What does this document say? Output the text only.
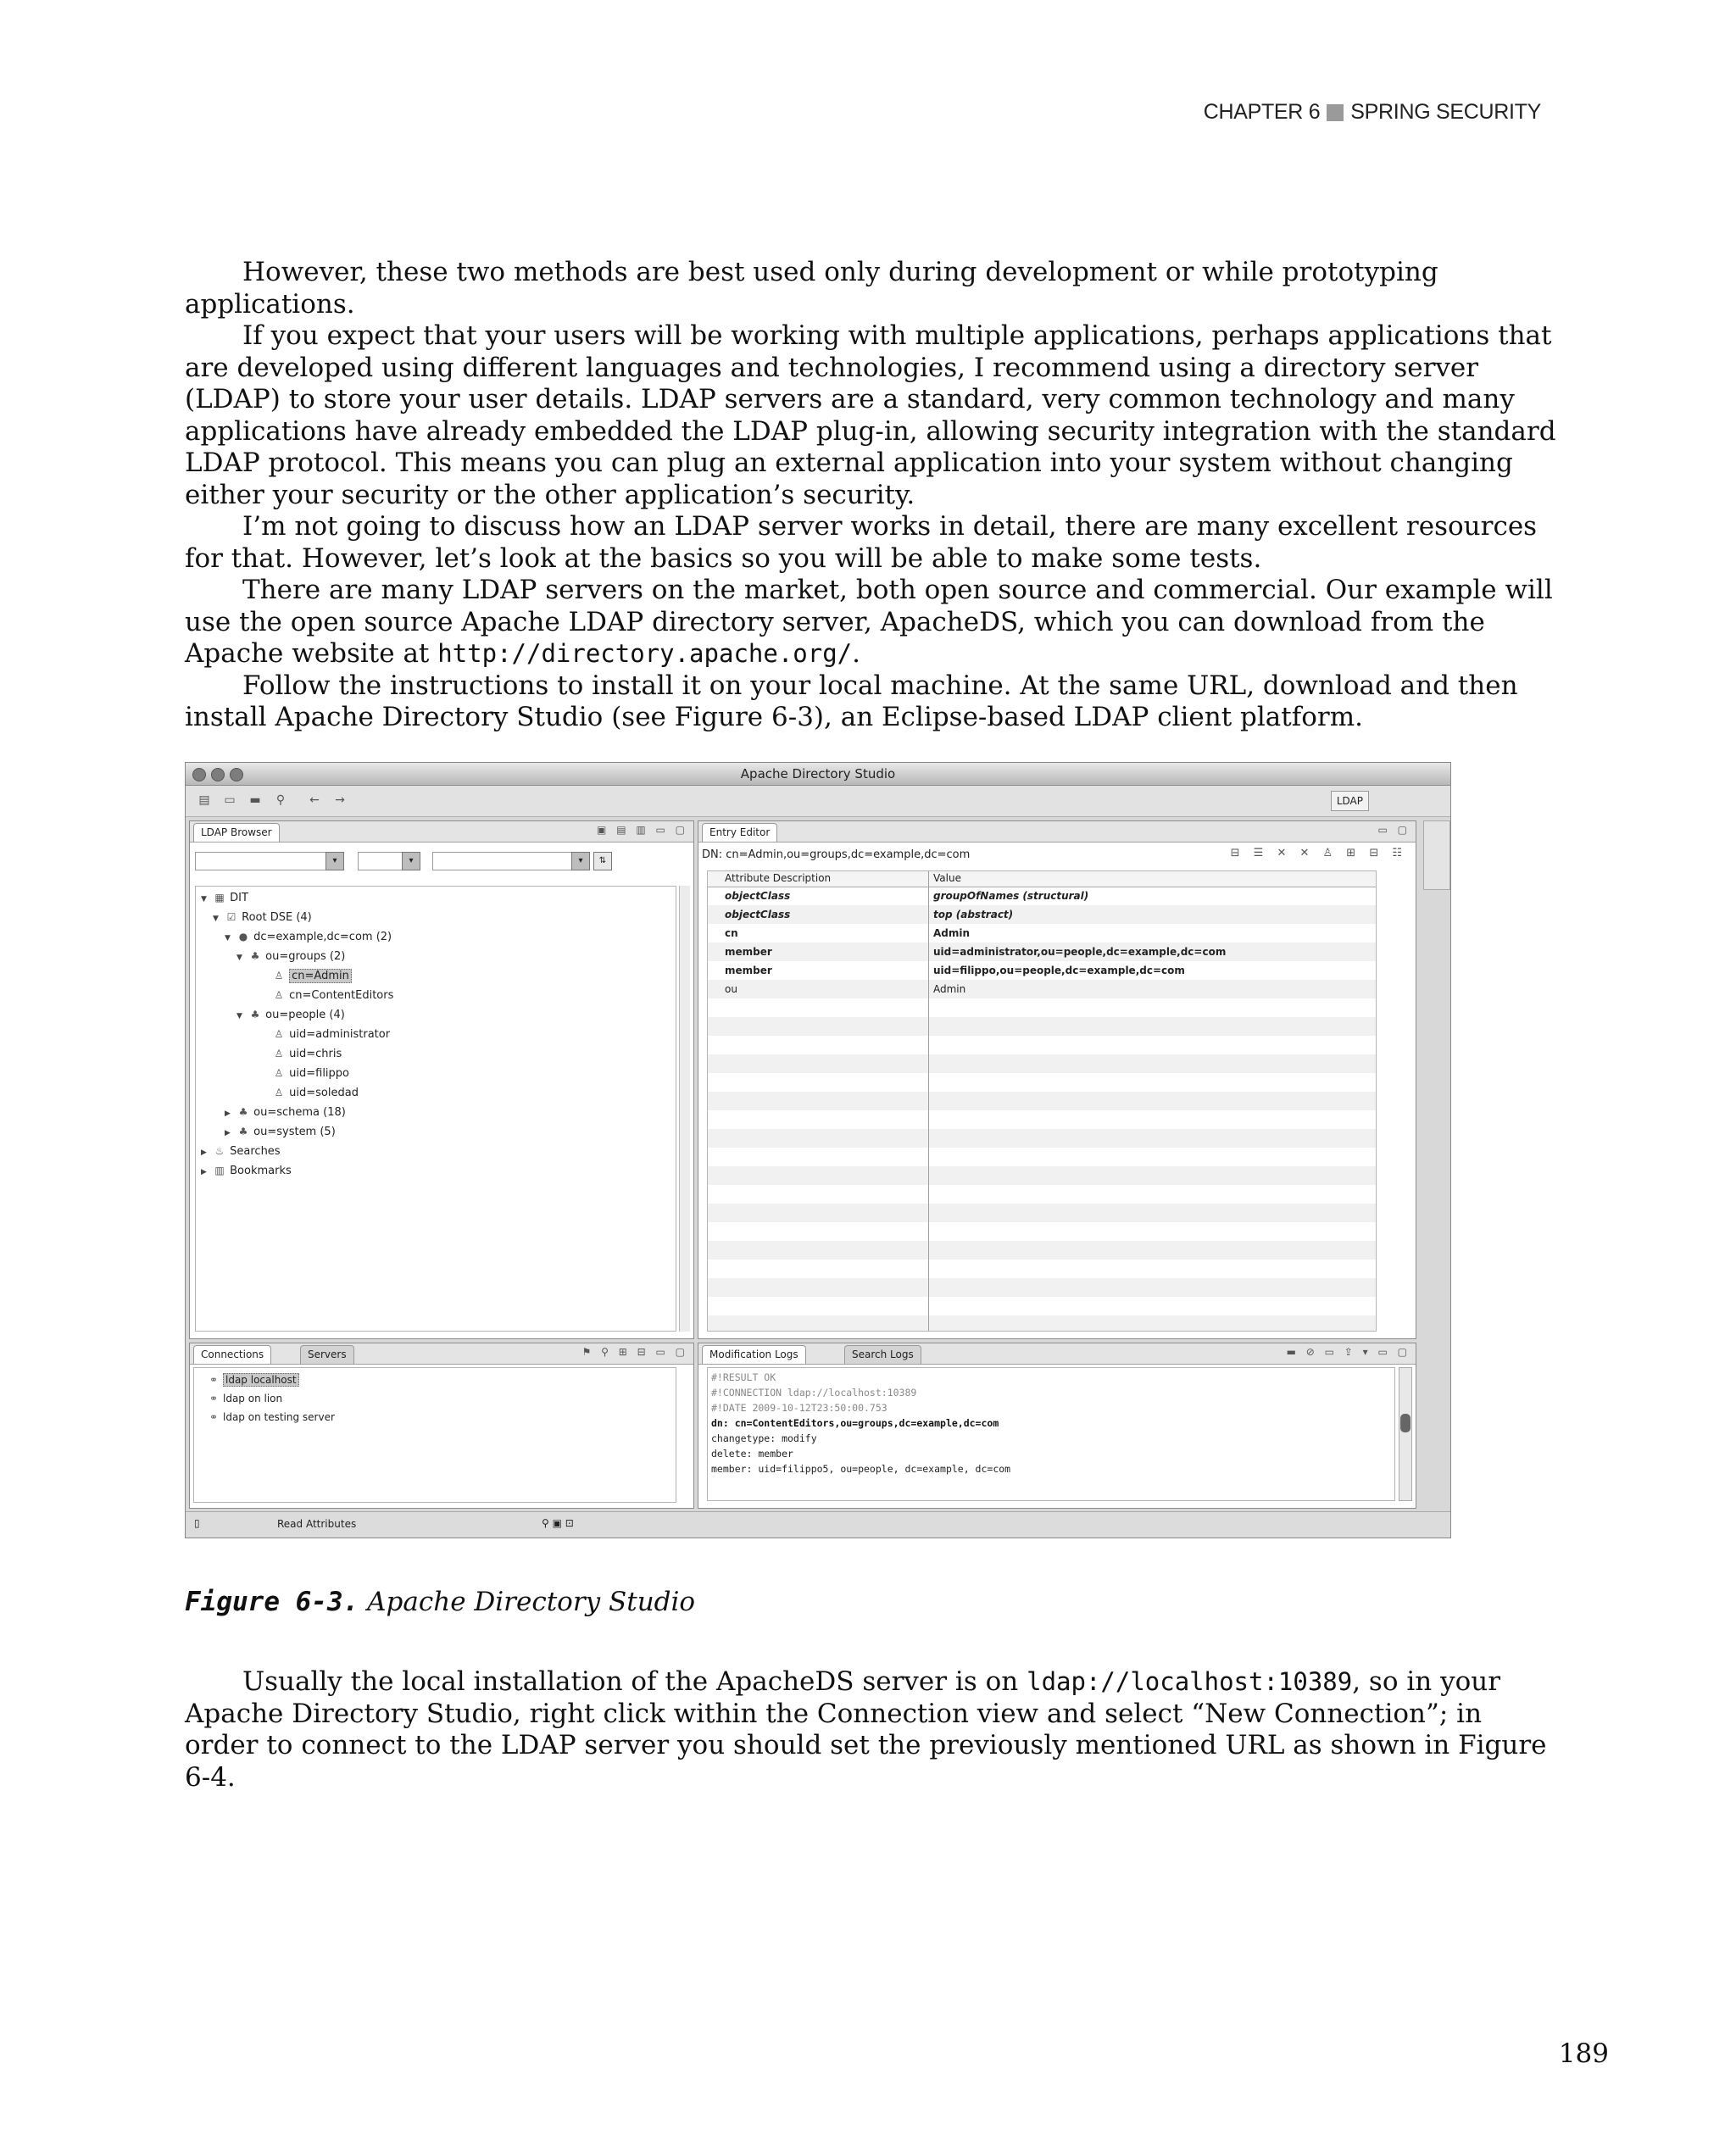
CHAPTER 6 SPRING SECURITY

However, these two methods are best used only during development or while prototyping applications.

If you expect that your users will be working with multiple applications, perhaps applications that are developed using different languages and technologies, I recommend using a directory server (LDAP) to store your user details. LDAP servers are a standard, very common technology and many applications have already embedded the LDAP plug-in, allowing security integration with the standard LDAP protocol. This means you can plug an external application into your system without changing either your security or the other application’s security.

I’m not going to discuss how an LDAP server works in detail, there are many excellent resources for that. However, let’s look at the basics so you will be able to make some tests.

There are many LDAP servers on the market, both open source and commercial. Our example will use the open source Apache LDAP directory server, ApacheDS, which you can download from the Apache website at http://directory.apache.org/.

Follow the instructions to install it on your local machine. At the same URL, download and then install Apache Directory Studio (see Figure 6-3), an Eclipse-based LDAP client platform.

Apache Directory Studio
▤	▭	▬	⚲	←	→	LDAP
LDAP Browser	▣ ▤ ▥ ▭ ▢
▾	▾	▾	⇅
▼ ▦ DIT
▼ ☑ Root DSE (4)
▼ ● dc=example,dc=com (2)
▼ ♣ ou=groups (2)
♙ cn=Admin
♙ cn=ContentEditors
▼ ♣ ou=people (4)
♙ uid=administrator
♙ uid=chris
♙ uid=filippo
♙ uid=soledad
▶ ♣ ou=schema (18)
▶ ♣ ou=system (5)
▶ ♨ Searches
▶ ▥ Bookmarks
Entry Editor	▭ ▢
DN: cn=Admin,ou=groups,dc=example,dc=com	⊟ ☰ ✕ ✕ ♙ ⊞ ⊟ ☷
Attribute Description	Value
objectClass	groupOfNames (structural)
objectClass	top (abstract)
cn	Admin
member	uid=administrator,ou=people,dc=example,dc=com
member	uid=filippo,ou=people,dc=example,dc=com
ou	Admin
Connections	Servers	⚑ ⚲ ⊞ ⊟ ▭ ▢
⚭ ldap localhost
⚭ ldap on lion
⚭ ldap on testing server
Modification Logs	Search Logs	▬ ⊘ ▭ ⇪ ▾ ▭ ▢
#!RESULT OK
#!CONNECTION ldap://localhost:10389
#!DATE 2009-10-12T23:50:00.753
dn: cn=ContentEditors,ou=groups,dc=example,dc=com
changetype: modify
delete: member
member: uid=filippo5, ou=people, dc=example, dc=com
▯	Read Attributes	⚲ ▣ ⊡
Figure 6-3. Apache Directory Studio

Usually the local installation of the ApacheDS server is on ldap://localhost:10389, so in your Apache Directory Studio, right click within the Connection view and select “New Connection”; in order to connect to the LDAP server you should set the previously mentioned URL as shown in Figure 6-4.

189
